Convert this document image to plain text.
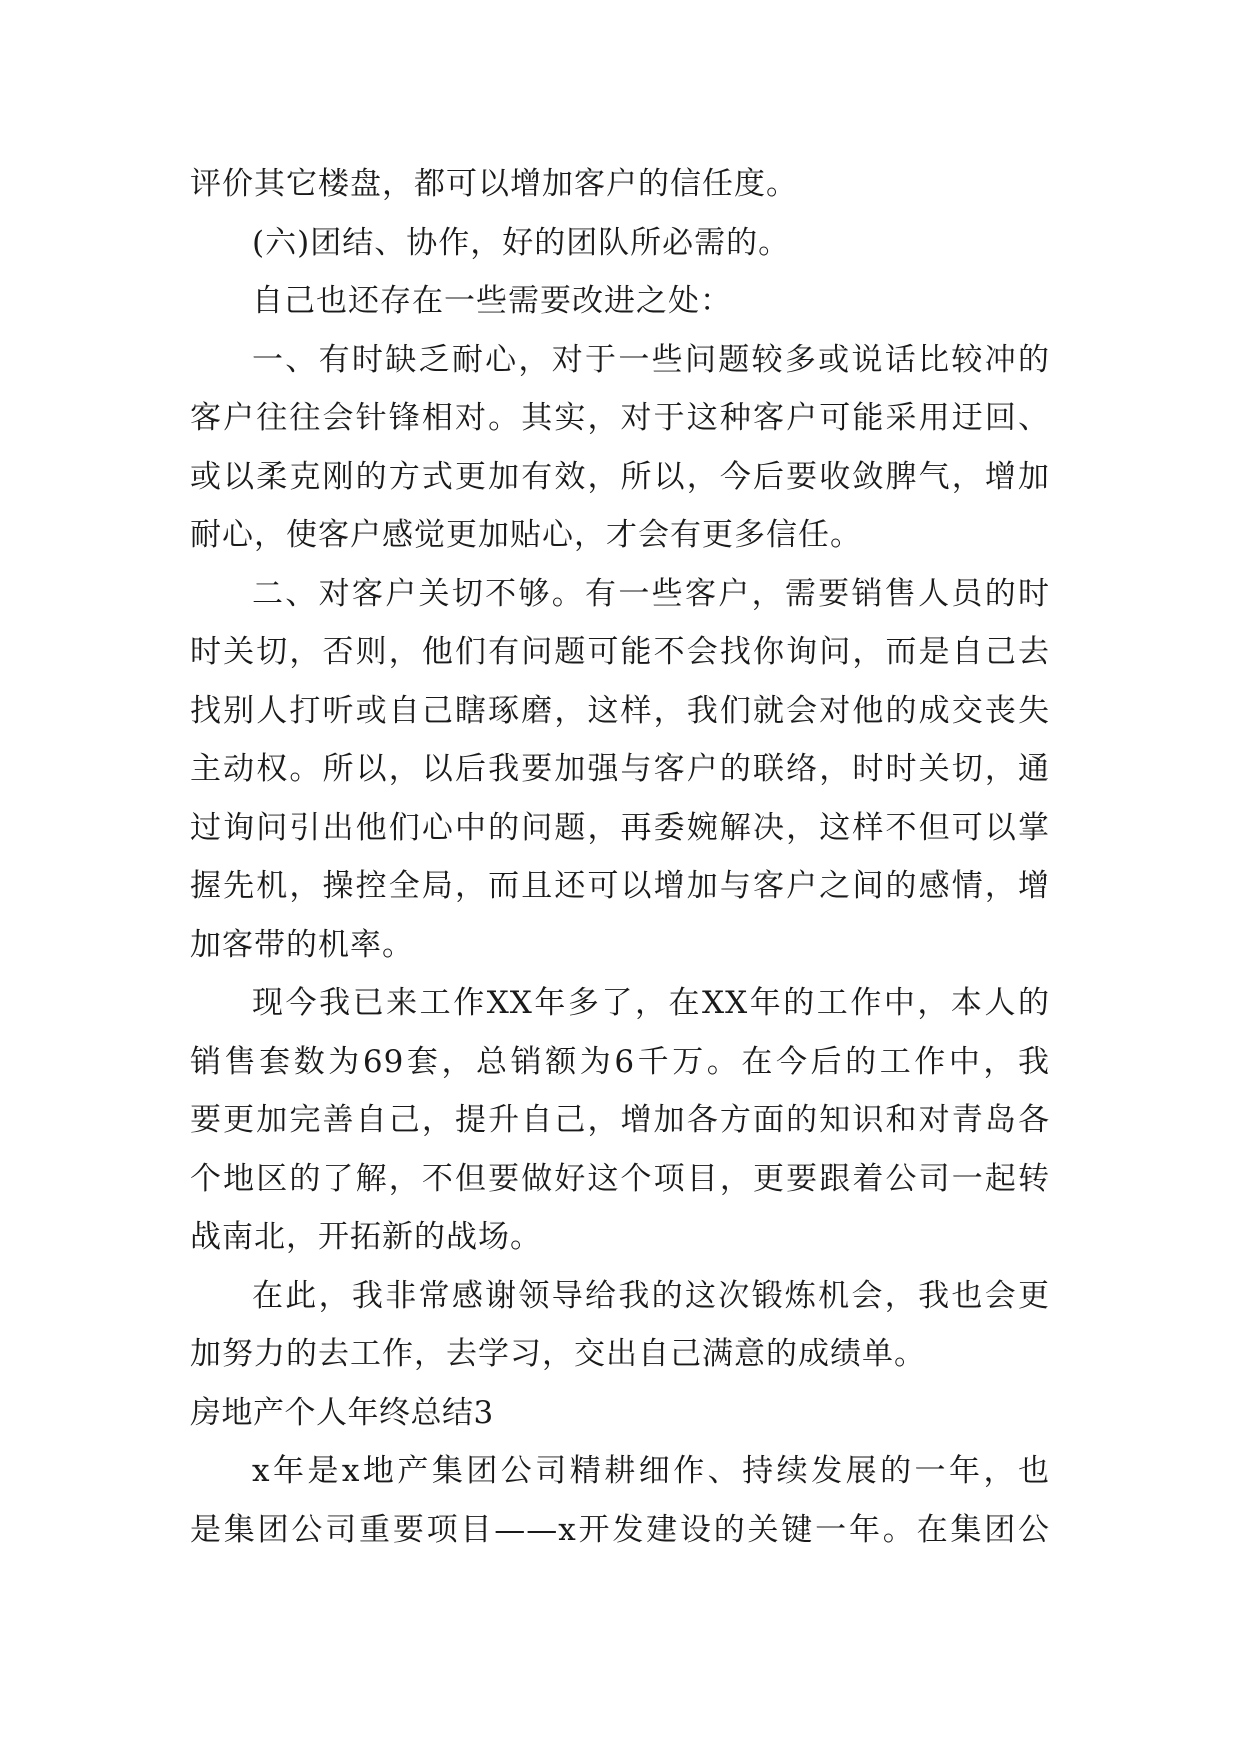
评价其它楼盘，都可以增加客户的信任度。
(六)团结、协作，好的团队所必需的。
自己也还存在一些需要改进之处：
一、有时缺乏耐心，对于一些问题较多或说话比较冲的
客户往往会针锋相对。其实，对于这种客户可能采用迂回、
或以柔克刚的方式更加有效，所以，今后要收敛脾气，增加
耐心，使客户感觉更加贴心，才会有更多信任。
二、对客户关切不够。有一些客户，需要销售人员的时
时关切，否则，他们有问题可能不会找你询问，而是自己去
找别人打听或自己瞎琢磨，这样，我们就会对他的成交丧失
主动权。所以，以后我要加强与客户的联络，时时关切，通
过询问引出他们心中的问题，再委婉解决，这样不但可以掌
握先机，操控全局，而且还可以增加与客户之间的感情，增
加客带的机率。
现今我已来工作XX年多了，在XX年的工作中，本人的
销售套数为69套，总销额为6千万。在今后的工作中，我
要更加完善自己，提升自己，增加各方面的知识和对青岛各
个地区的了解，不但要做好这个项目，更要跟着公司一起转
战南北，开拓新的战场。
在此，我非常感谢领导给我的这次锻炼机会，我也会更
加努力的去工作，去学习，交出自己满意的成绩单。
房地产个人年终总结3
x年是x地产集团公司精耕细作、持续发展的一年，也
是集团公司重要项目——x开发建设的关键一年。在集团公
